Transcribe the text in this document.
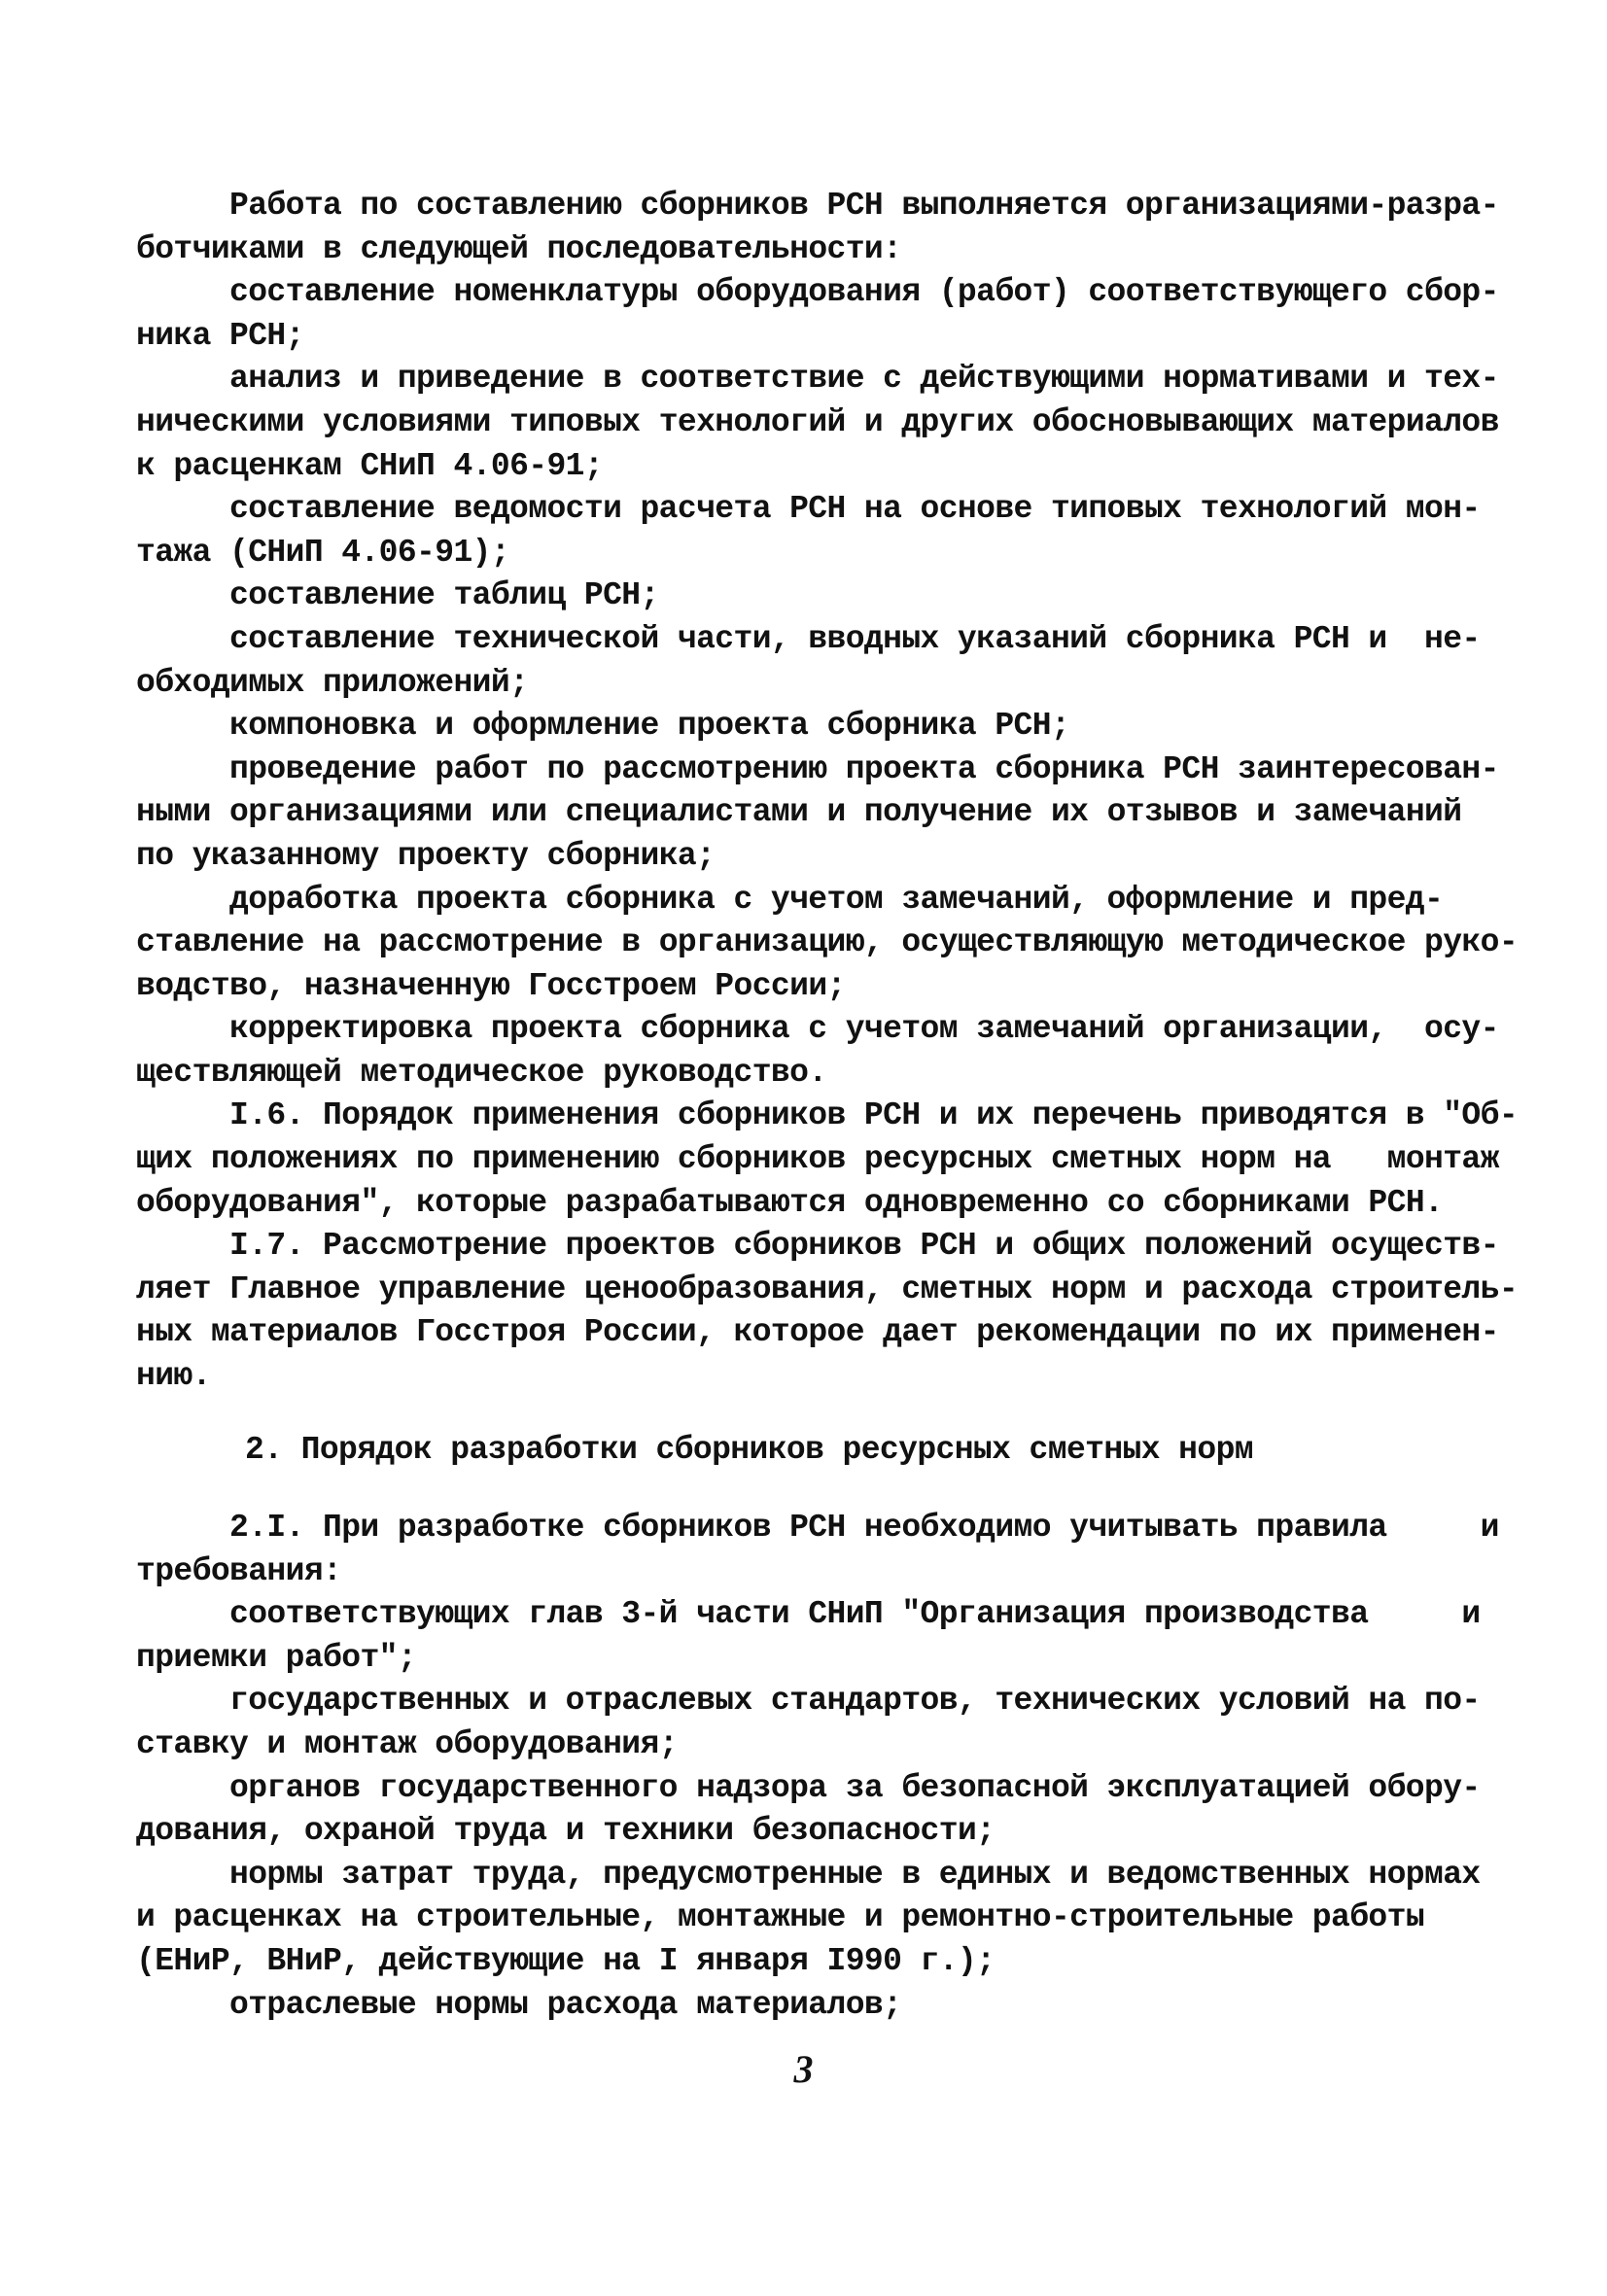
Работа по составлению сборников РСН выполняется организациями-разра-
ботчиками в следующей последовательности:
составление номенклатуры оборудования (работ) соответствующего сбор-
ника РСН;
анализ и приведение в соответствие с действующими нормативами и тех-
ническими условиями типовых технологий и других обосновывающих материалов
к расценкам СНиП 4.06-91;
составление ведомости расчета РСН на основе типовых технологий мон-
тажа (СНиП 4.06-91);
составление таблиц РСН;
составление технической части, вводных указаний сборника РСН и  не-
обходимых приложений;
компоновка и оформление проекта сборника РСН;
проведение работ по рассмотрению проекта сборника РСН заинтересован-
ными организациями или специалистами и получение их отзывов и замечаний
по указанному проекту сборника;
доработка проекта сборника с учетом замечаний, оформление и пред-
ставление на рассмотрение в организацию, осуществляющую методическое руко-
водство, назначенную Госстроем России;
корректировка проекта сборника с учетом замечаний организации,  осу-
ществляющей методическое руководство.
I.6. Порядок применения сборников РСН и их перечень приводятся в "Об-
щих положениях по применению сборников ресурсных сметных норм на   монтаж
оборудования", которые разрабатываются одновременно со сборниками РСН.
I.7. Рассмотрение проектов сборников РСН и общих положений осуществ-
ляет Главное управление ценообразования, сметных норм и расхода строитель-
ных материалов Госстроя России, которое дает рекомендации по их применен-
нию.
2. Порядок разработки сборников ресурсных сметных норм
2.I. При разработке сборников РСН необходимо учитывать правила     и
требования:
соответствующих глав 3-й части СНиП "Организация производства     и
приемки работ";
государственных и отраслевых стандартов, технических условий на по-
ставку и монтаж оборудования;
органов государственного надзора за безопасной эксплуатацией обору-
дования, охраной труда и техники безопасности;
нормы затрат труда, предусмотренные в единых и ведомственных нормах
и расценках на строительные, монтажные и ремонтно-строительные работы
(ЕНиР, ВНиР, действующие на I января I990 г.);
отраслевые нормы расхода материалов;
3
